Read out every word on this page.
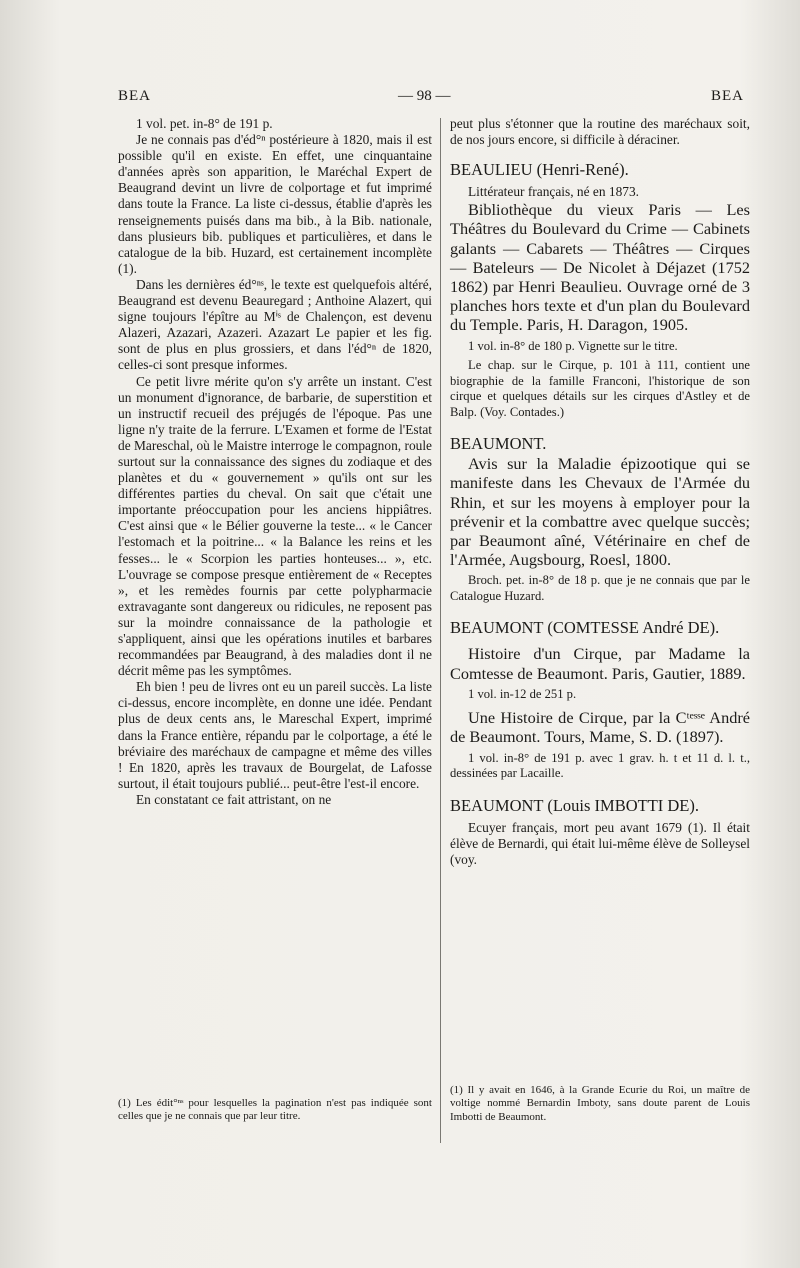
BEA	— 98 —	BEA

1 vol. pet. in-8° de 191 p.

Je ne connais pas d'éd°ⁿ postérieure à 1820, mais il est possible qu'il en existe. En effet, une cinquantaine d'années après son apparition, le Maréchal Expert de Beaugrand devint un livre de colportage et fut imprimé dans toute la France. La liste ci-dessus, établie d'après les renseignements puisés dans ma bib., à la Bib. nationale, dans plusieurs bib. publiques et particulières, et dans le catalogue de la bib. Huzard, est certainement incomplète (1).

Dans les dernières éd°ⁿˢ, le texte est quelquefois altéré, Beaugrand est devenu Beauregard ; Anthoine Alazert, qui signe toujours l'épître au Mⁱˢ de Chalençon, est devenu Alazeri, Azazari, Azazeri. Azazart Le papier et les fig. sont de plus en plus grossiers, et dans l'éd°ⁿ de 1820, celles-ci sont presque informes.

Ce petit livre mérite qu'on s'y arrête un instant. C'est un monument d'ignorance, de barbarie, de superstition et un instructif recueil des préjugés de l'époque. Pas une ligne n'y traite de la ferrure. L'Examen et forme de l'Estat de Mareschal, où le Maistre interroge le compagnon, roule surtout sur la connaissance des signes du zodiaque et des planètes et du « gouvernement » qu'ils ont sur les différentes parties du cheval. On sait que c'était une importante préoccupation pour les anciens hippiâtres. C'est ainsi que « le Bélier gouverne la teste... « le Cancer l'estomach et la poitrine... « la Balance les reins et les fesses... le « Scorpion les parties honteuses... », etc. L'ouvrage se compose presque entièrement de « Receptes », et les remèdes fournis par cette polypharmacie extravagante sont dangereux ou ridicules, ne reposent pas sur la moindre connaissance de la pathologie et s'appliquent, ainsi que les opérations inutiles et barbares recommandées par Beaugrand, à des maladies dont il ne décrit même pas les symptômes.

Eh bien ! peu de livres ont eu un pareil succès. La liste ci-dessus, encore incomplète, en donne une idée. Pendant plus de deux cents ans, le Mareschal Expert, imprimé dans la France entière, répandu par le colportage, a été le bréviaire des maréchaux de campagne et même des villes ! En 1820, après les travaux de Bourgelat, de Lafosse surtout, il était toujours publié... peut-être l'est-il encore.

En constatant ce fait attristant, on ne

(1) Les édit°ⁿˢ pour lesquelles la pagination n'est pas indiquée sont celles que je ne connais que par leur titre.

peut plus s'étonner que la routine des maréchaux soit, de nos jours encore, si difficile à déraciner.

BEAULIEU (Henri-René).

Littérateur français, né en 1873.

Bibliothèque du vieux Paris — Les Théâtres du Boulevard du Crime — Cabinets galants — Cabarets — Théâtres — Cirques — Bateleurs — De Nicolet à Déjazet (1752 1862) par Henri Beaulieu. Ouvrage orné de 3 planches hors texte et d'un plan du Boulevard du Temple. Paris, H. Daragon, 1905.

1 vol. in-8° de 180 p. Vignette sur le titre.

Le chap. sur le Cirque, p. 101 à 111, contient une biographie de la famille Franconi, l'historique de son cirque et quelques détails sur les cirques d'Astley et de Balp. (Voy. Contades.)

BEAUMONT.

Avis sur la Maladie épizootique qui se manifeste dans les Chevaux de l'Armée du Rhin, et sur les moyens à employer pour la prévenir et la combattre avec quelque succès; par Beaumont aîné, Vétérinaire en chef de l'Armée, Augsbourg, Roesl, 1800.

Broch. pet. in-8° de 18 p. que je ne connais que par le Catalogue Huzard.

BEAUMONT (COMTESSE André DE).

Histoire d'un Cirque, par Madame la Comtesse de Beaumont. Paris, Gautier, 1889.

1 vol. in-12 de 251 p.

Une Histoire de Cirque, par la Cᵗᵉˢˢᵉ André de Beaumont. Tours, Mame, S. D. (1897).

1 vol. in-8° de 191 p. avec 1 grav. h. t et 11 d. l. t., dessinées par Lacaille.

BEAUMONT (Louis IMBOTTI DE).

Ecuyer français, mort peu avant 1679 (1). Il était élève de Bernardi, qui était lui-même élève de Solleysel (voy.

(1) Il y avait en 1646, à la Grande Ecurie du Roi, un maître de voltige nommé Bernardin Imboty, sans doute parent de Louis Imbotti de Beaumont.
